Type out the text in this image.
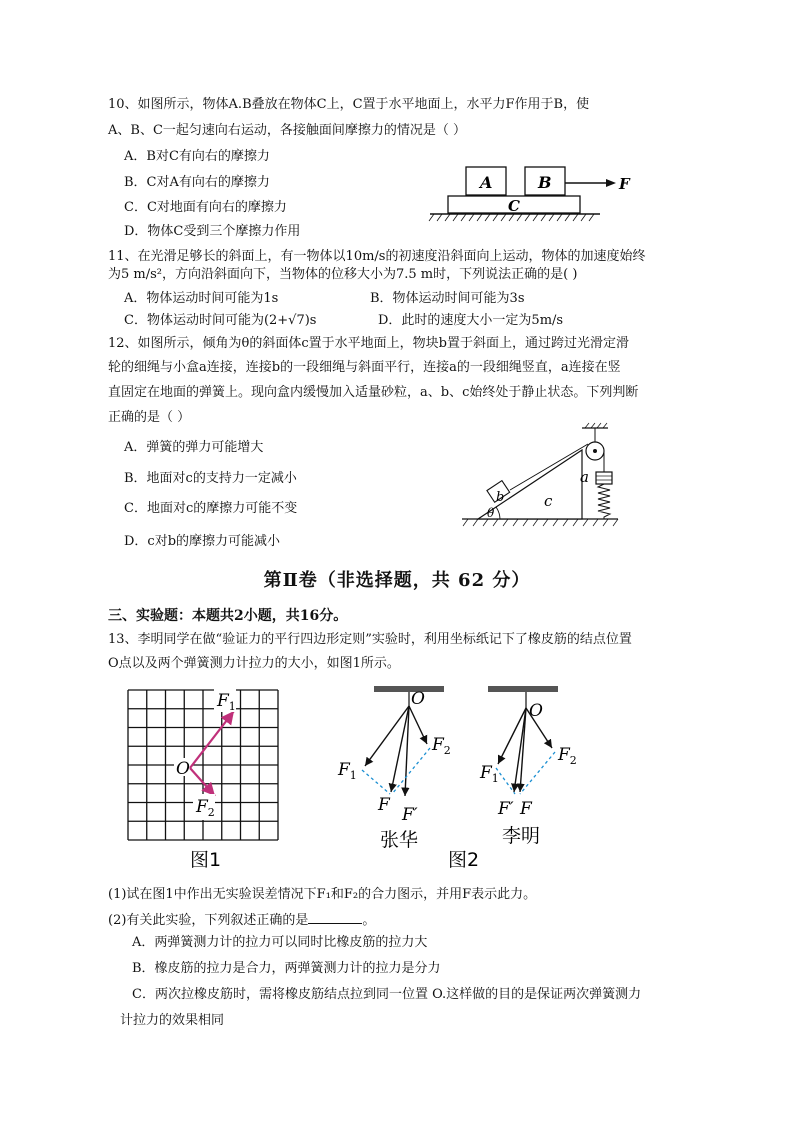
10、如图所示，物体A.B叠放在物体C上，C置于水平地面上，水平力F作用于B，使
A、B、C一起匀速向右运动，各接触面间摩擦力的情况是（ ）
A．B对C有向右的摩擦力
B．C对A有向右的摩擦力
C．C对地面有向右的摩擦力
D．物体C受到三个摩擦力作用
A	B
C
F
11、在光滑足够长的斜面上，有一物体以10m/s的初速度沿斜面向上运动，物体的加速度始终
为5 m/s²，方向沿斜面向下，当物体的位移大小为7.5 m时，下列说法正确的是( )
A．物体运动时间可能为1s	B．物体运动时间可能为3s
C．物体运动时间可能为(2+√7)s	D．此时的速度大小一定为5m/s
12、如图所示，倾角为θ的斜面体c置于水平地面上，物块b置于斜面上，通过跨过光滑定滑
轮的细绳与小盒a连接，连接b的一段细绳与斜面平行，连接a的一段细绳竖直，a连接在竖
直固定在地面的弹簧上。现向盒内缓慢加入适量砂粒，a、b、c始终处于静止状态。下列判断
正确的是（ ）
A．弹簧的弹力可能增大
B．地面对c的支持力一定减小
C．地面对c的摩擦力可能不变
D．c对b的摩擦力可能减小
a
b	c
θ
第Ⅱ卷（非选择题，共 62 分）
三、实验题：本题共2小题，共16分。
13、李明同学在做“验证力的平行四边形定则”实验时，利用坐标纸记下了橡皮筋的结点位置
O点以及两个弹簧测力计拉力的大小，如图1所示。
O
$F_1$
$F_2$
图1
O
$F_1$
$F_2$
F F′
张华
O
$F_1$
$F_2$
F′ F
李明
图2
(1)试在图1中作出无实验误差情况下F₁和F₂的合力图示，并用F表示此力。
(2)有关此实验，下列叙述正确的是	。
A．两弹簧测力计的拉力可以同时比橡皮筋的拉力大
B．橡皮筋的拉力是合力，两弹簧测力计的拉力是分力
C．两次拉橡皮筋时，需将橡皮筋结点拉到同一位置 O.这样做的目的是保证两次弹簧测力
计拉力的效果相同
